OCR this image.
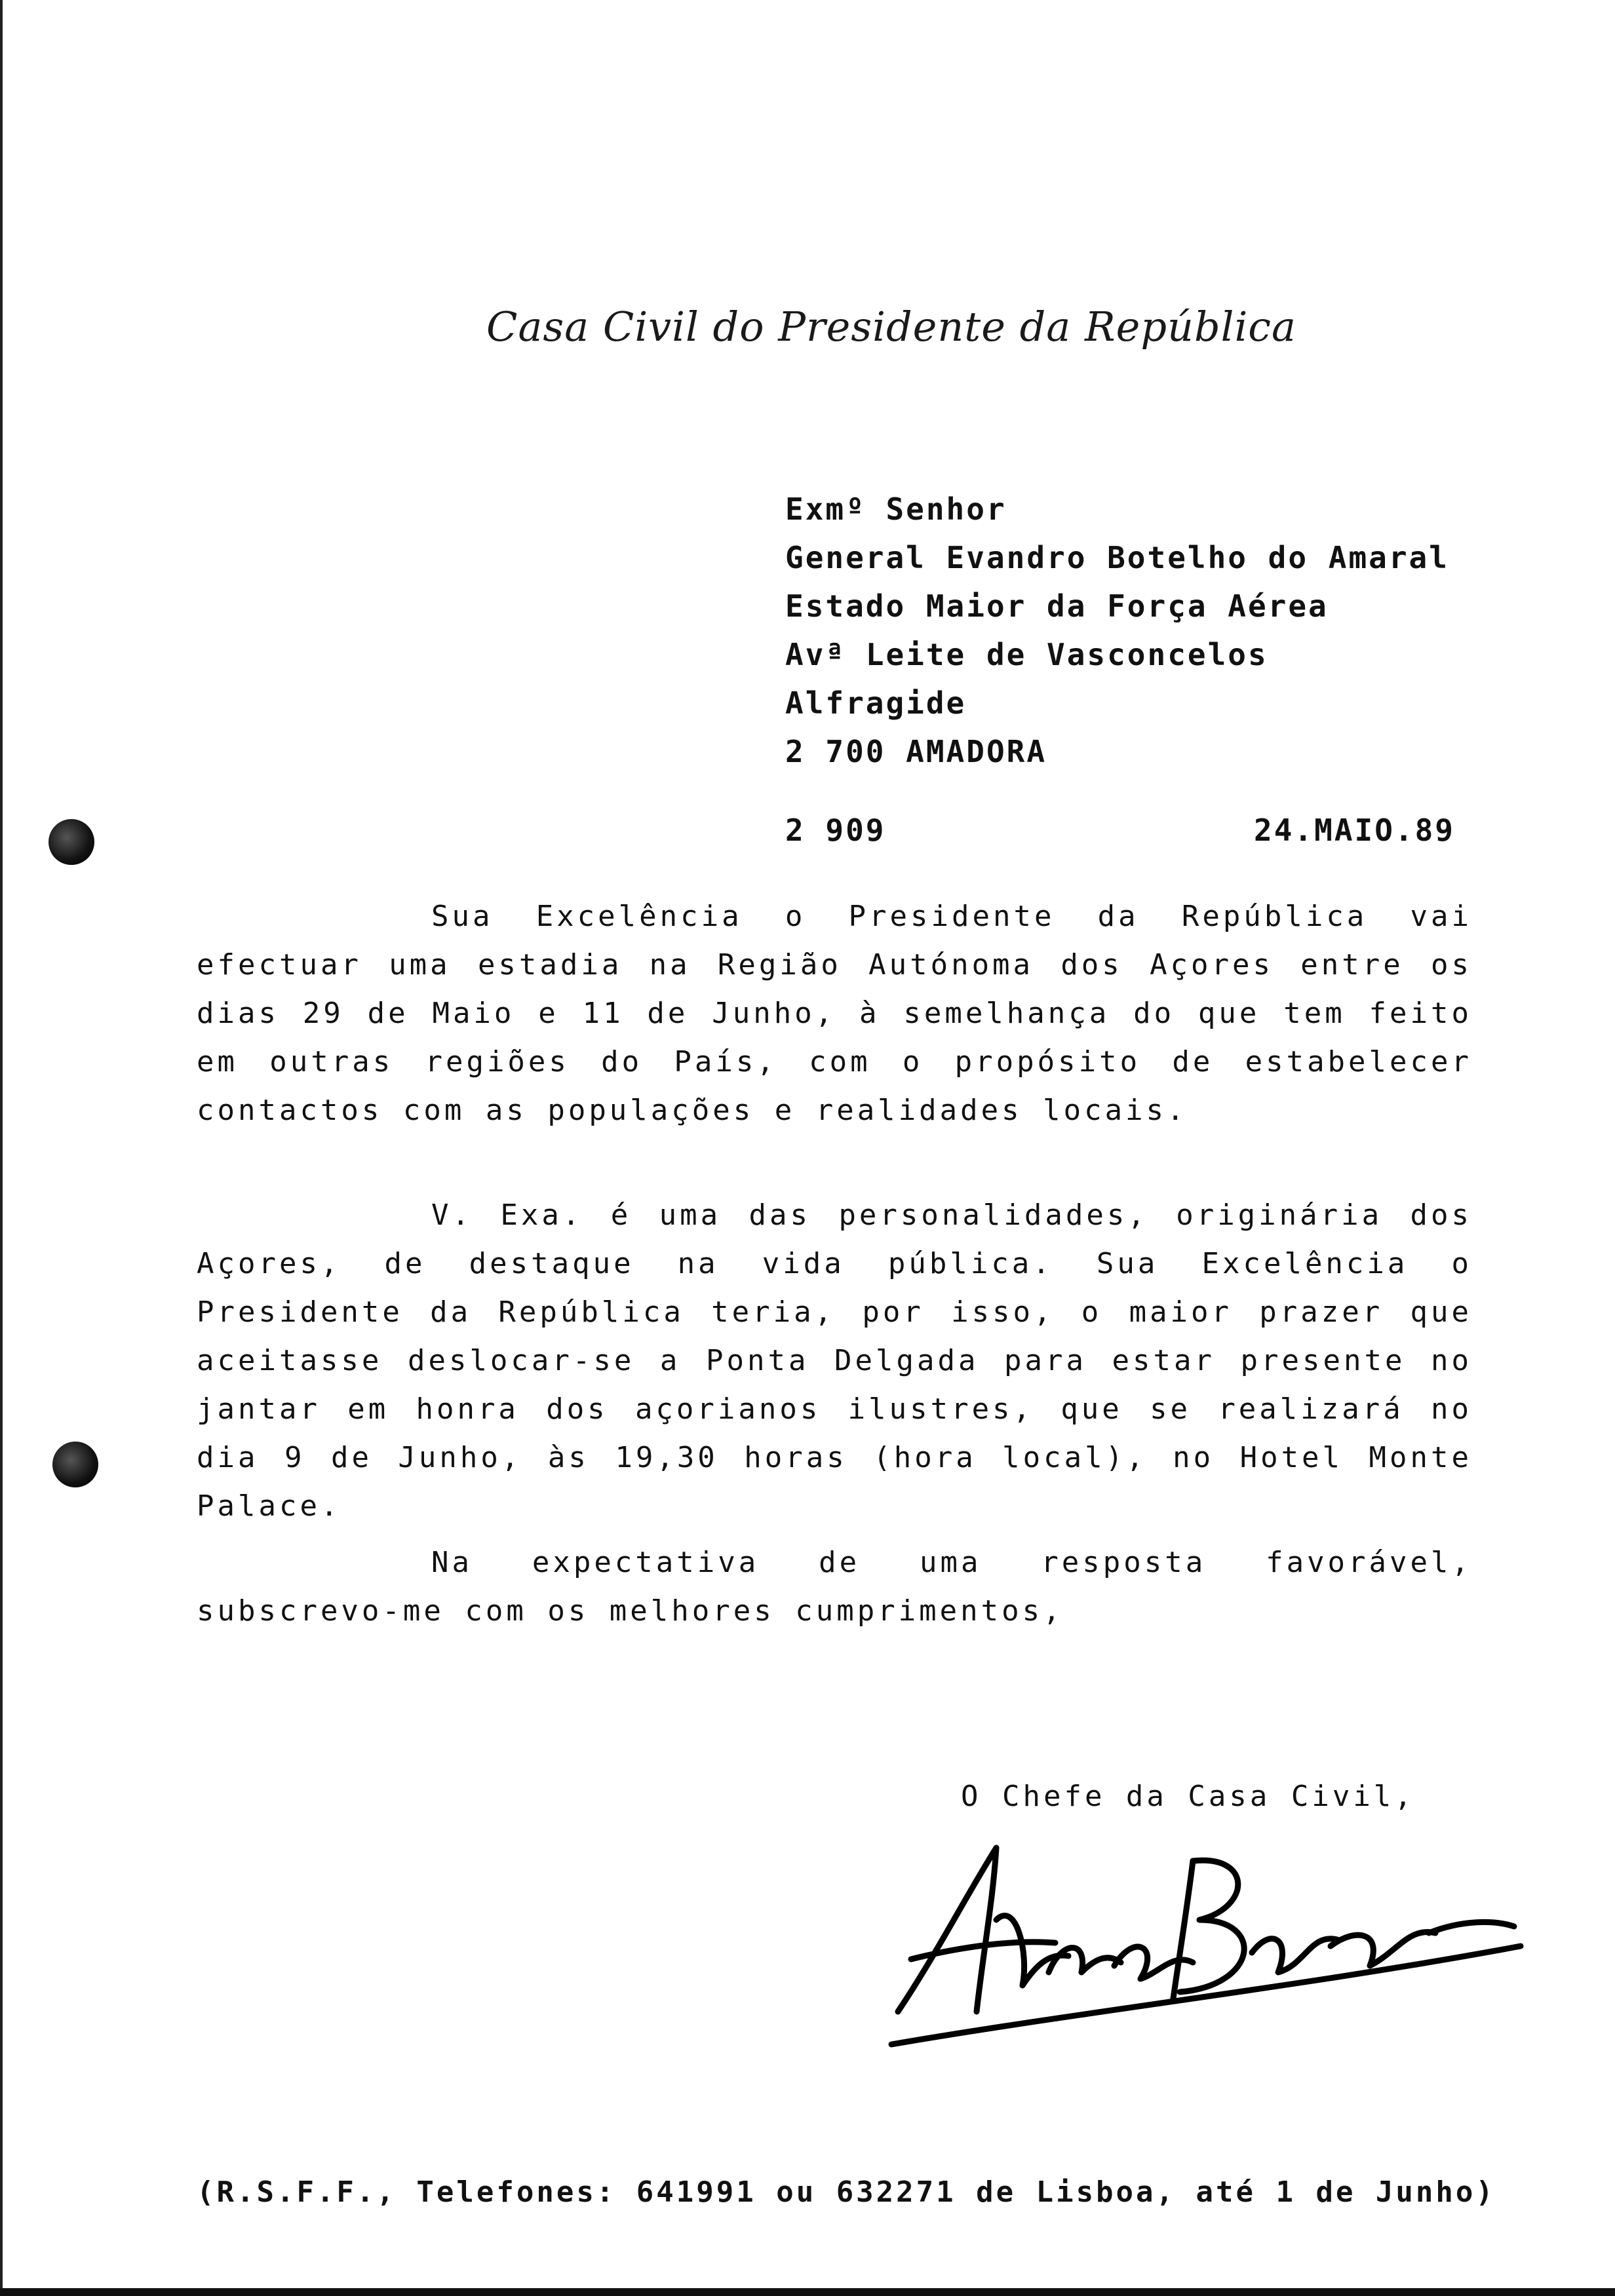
Casa Civil do Presidente da República
Exmº Senhor
General Evandro Botelho do Amaral
Estado Maior da Força Aérea
Avª Leite de Vasconcelos
Alfragide
2 700 AMADORA
2 909	24.MAIO.89

Sua Excelência o Presidente da República vai efectuar uma estadia na Região Autónoma dos Açores entre os dias 29 de Maio e 11 de Junho, à semelhança do que tem feito em outras regiões do País, com o propósito de estabelecer contactos com as populações e realidades locais.

V. Exa. é uma das personalidades, originária dos Açores, de destaque na vida pública. Sua Excelência o Presidente da República teria, por isso, o maior prazer que aceitasse deslocar-se a Ponta Delgada para estar presente no jantar em honra dos açorianos ilustres, que se realizará no dia 9 de Junho, às 19,30 horas (hora local), no Hotel Monte Palace.

Na expectativa de uma resposta favorável, subscrevo-me com os melhores cumprimentos,

O Chefe da Casa Civil,
(R.S.F.F., Telefones: 641991 ou 632271 de Lisboa, até 1 de Junho)
